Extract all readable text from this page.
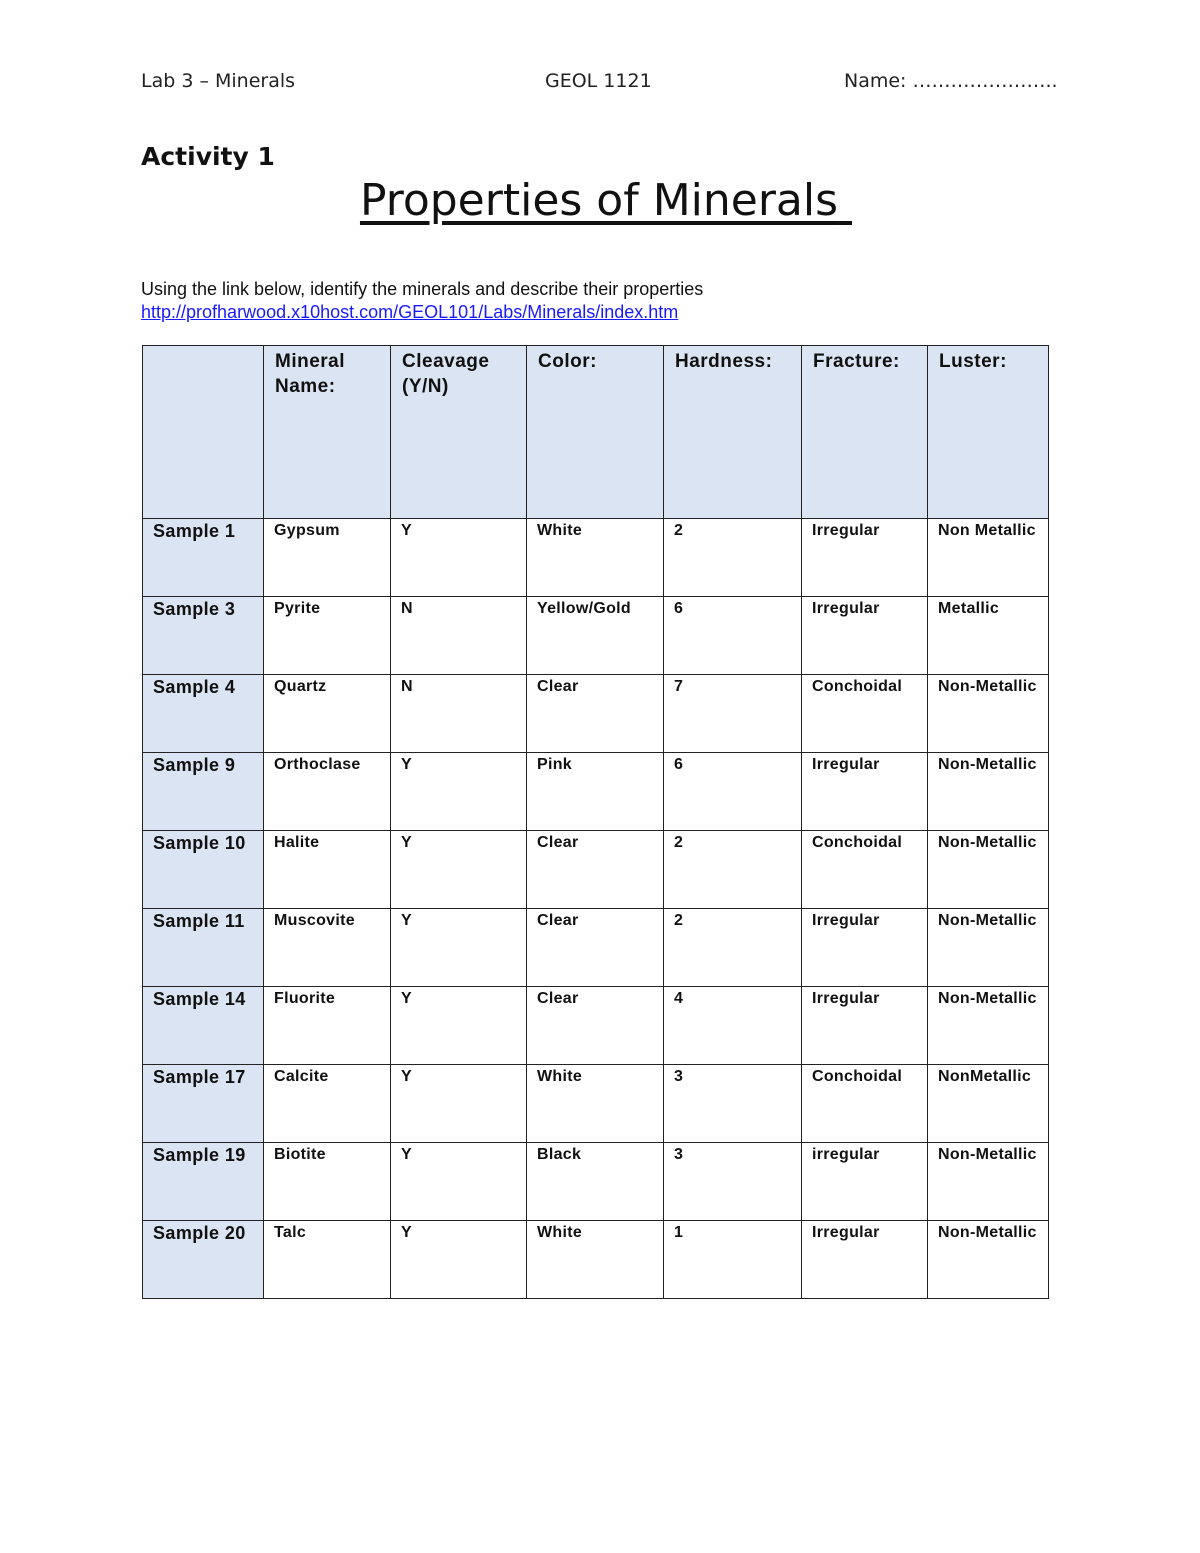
Lab 3 – Minerals	GEOL 1121	Name: …………………..
Activity 1
Properties of Minerals
Using the link below, identify the minerals and describe their properties
http://profharwood.x10host.com/GEOL101/Labs/Minerals/index.htm
	Mineral Name:	Cleavage (Y/N)	Color:	Hardness:	Fracture:	Luster:
Sample 1	Gypsum	Y	White	2	Irregular	Non Metallic
Sample 3	Pyrite	N	Yellow/Gold	6	Irregular	Metallic
Sample 4	Quartz	N	Clear	7	Conchoidal	Non-Metallic
Sample 9	Orthoclase	Y	Pink	6	Irregular	Non-Metallic
Sample 10	Halite	Y	Clear	2	Conchoidal	Non-Metallic
Sample 11	Muscovite	Y	Clear	2	Irregular	Non-Metallic
Sample 14	Fluorite	Y	Clear	4	Irregular	Non-Metallic
Sample 17	Calcite	Y	White	3	Conchoidal	NonMetallic
Sample 19	Biotite	Y	Black	3	irregular	Non-Metallic
Sample 20	Talc	Y	White	1	Irregular	Non-Metallic
